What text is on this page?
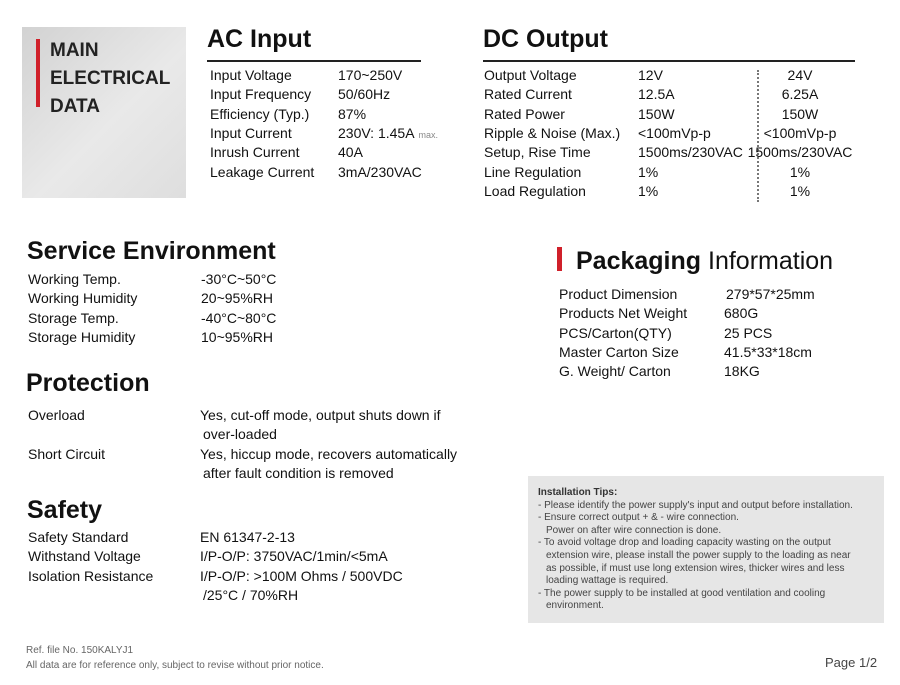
MAIN
ELECTRICAL
DATA
AC Input
Input Voltage	170~250V
Input Frequency 50/60Hz
Efficiency (Typ.) 87%
Input Current	230V: 1.45A max.
Inrush Current	40A
Leakage Current 3mA/230VAC
DC Output
Output Voltage	12V	24V
Rated Current	12.5A	6.25A
Rated Power	150W	150W
Ripple & Noise (Max.) <100mVp-p	<100mVp-p
Setup, Rise Time	1500ms/230VAC 1500ms/230VAC
Line Regulation	1%	1%
Load Regulation	1%	1%
Service Environment
Working Temp.	-30°C~50°C
Working Humidity	20~95%RH
Storage Temp.	-40°C~80°C
Storage Humidity	10~95%RH
Protection
Overload	Yes, cut-off mode, output shuts down if
over-loaded
Short Circuit	Yes, hiccup mode, recovers automatically
after fault condition is removed
Safety
Safety Standard	EN 61347-2-13
Withstand Voltage	I/P-O/P: 3750VAC/1min/<5mA
Isolation Resistance	I/P-O/P: >100M Ohms / 500VDC
/25°C / 70%RH
Packaging Information
Product Dimension	279*57*25mm
Products Net Weight	680G
PCS/Carton(QTY)	25 PCS
Master Carton Size	41.5*33*18cm
G. Weight/ Carton	18KG
Installation Tips:
- Please identify the power supply's input and output before installation.
- Ensure correct output + & - wire connection.
Power on after wire connection is done.
- To avoid voltage drop and loading capacity wasting on the output
extension wire, please install the power supply to the loading as near
as possible, if must use long extension wires, thicker wires and less
loading wattage is required.
- The power supply to be installed at good ventilation and cooling
environment.
Ref. file No. 150KALYJ1
All data are for reference only, subject to revise without prior notice.	Page 1/2
